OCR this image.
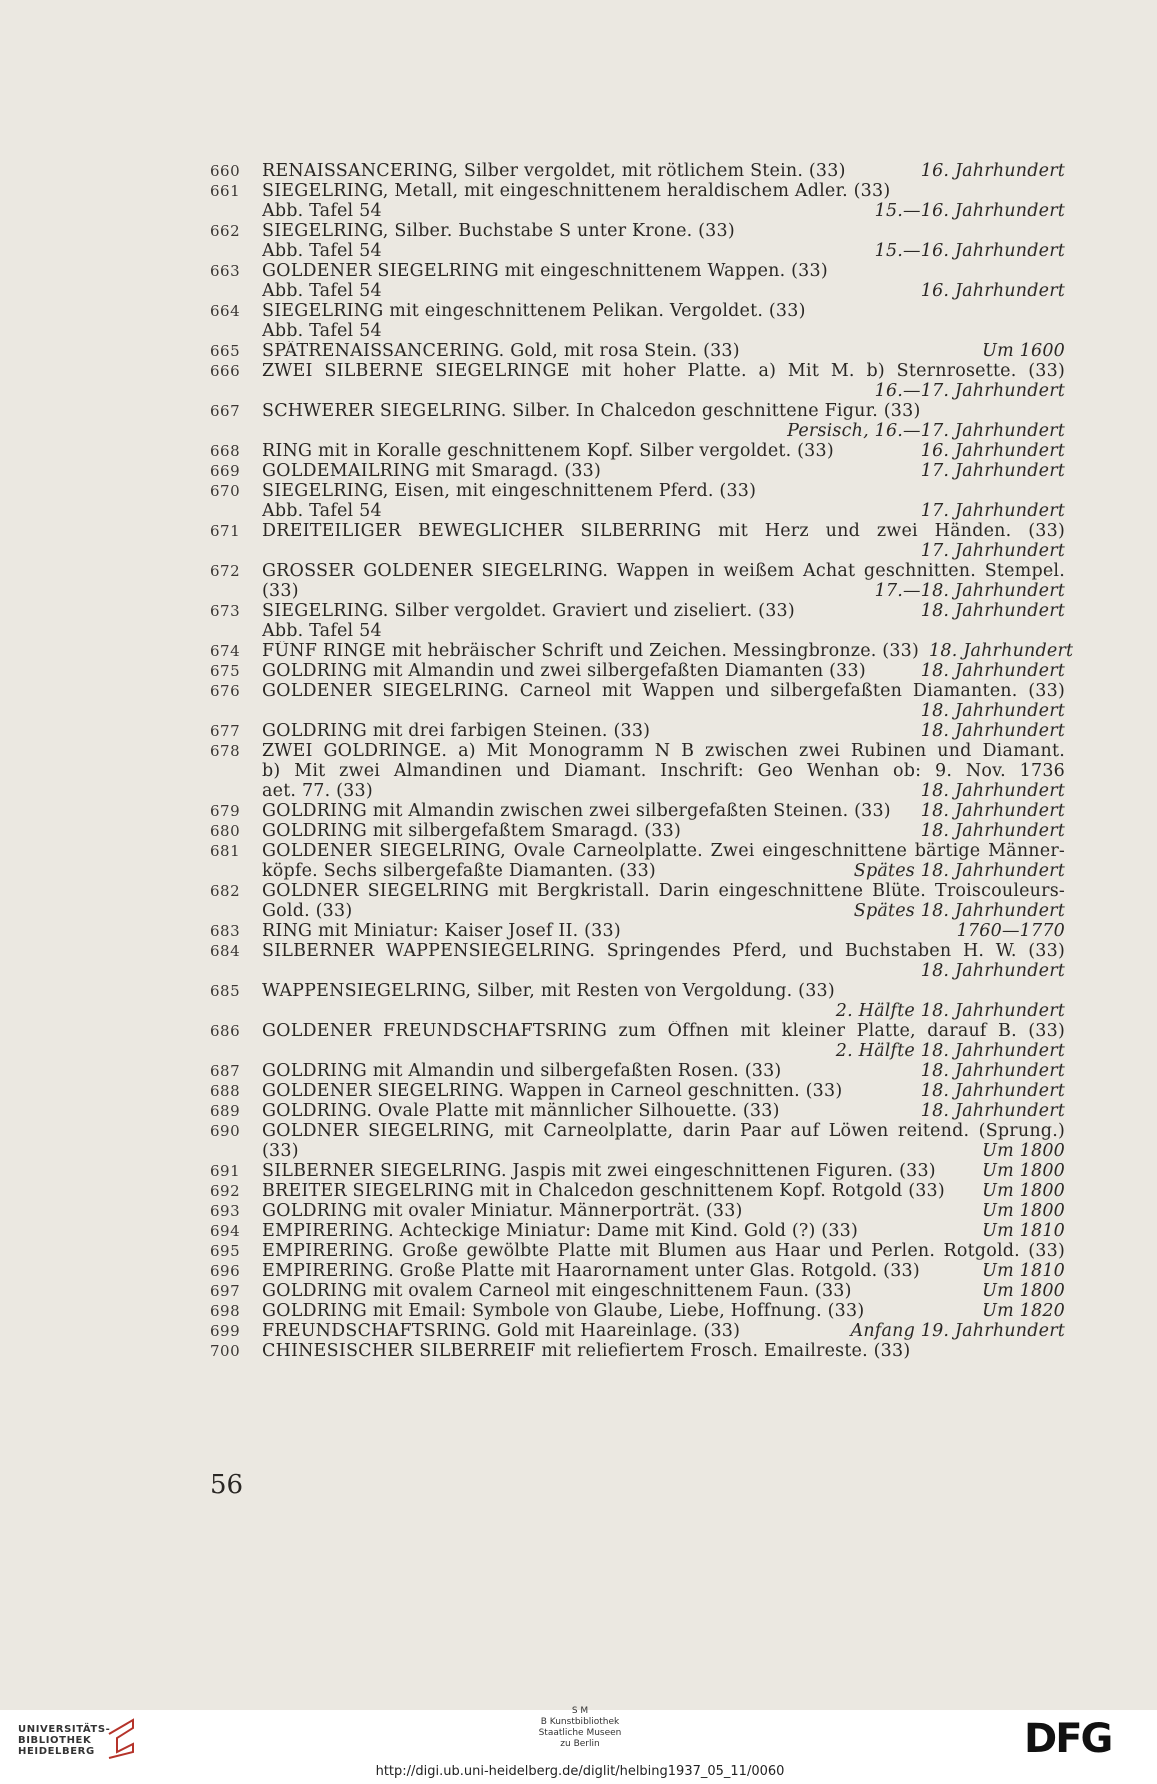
660	RENAISSANCERING, Silber vergoldet, mit rötlichem Stein. (33)	16. Jahrhundert
661	SIEGELRING, Metall, mit eingeschnittenem heraldischem Adler. (33)
Abb. Tafel 54	15.—16. Jahrhundert
662	SIEGELRING, Silber. Buchstabe S unter Krone. (33)
Abb. Tafel 54	15.—16. Jahrhundert
663	GOLDENER SIEGELRING mit eingeschnittenem Wappen. (33)
Abb. Tafel 54	16. Jahrhundert
664	SIEGELRING mit eingeschnittenem Pelikan. Vergoldet. (33)
Abb. Tafel 54
665	SPÄTRENAISSANCERING. Gold, mit rosa Stein. (33)	Um 1600
666	ZWEI SILBERNE SIEGELRINGE mit hoher Platte. a) Mit M. b) Sternrosette. (33)
16.—17. Jahrhundert
667	SCHWERER SIEGELRING. Silber. In Chalcedon geschnittene Figur. (33)
Persisch, 16.—17. Jahrhundert
668	RING mit in Koralle geschnittenem Kopf. Silber vergoldet. (33)	16. Jahrhundert
669	GOLDEMAILRING mit Smaragd. (33)	17. Jahrhundert
670	SIEGELRING, Eisen, mit eingeschnittenem Pferd. (33)
Abb. Tafel 54	17. Jahrhundert
671	DREITEILIGER BEWEGLICHER SILBERRING mit Herz und zwei Händen. (33)
17. Jahrhundert
672	GROSSER GOLDENER SIEGELRING. Wappen in weißem Achat geschnitten. Stempel.
(33)	17.—18. Jahrhundert
673	SIEGELRING. Silber vergoldet. Graviert und ziseliert. (33)	18. Jahrhundert
Abb. Tafel 54
674	FÜNF RINGE mit hebräischer Schrift und Zeichen. Messingbronze. (33) 18. Jahrhundert
675	GOLDRING mit Almandin und zwei silbergefaßten Diamanten (33)	18. Jahrhundert
676	GOLDENER SIEGELRING. Carneol mit Wappen und silbergefaßten Diamanten. (33)
18. Jahrhundert
677	GOLDRING mit drei farbigen Steinen. (33)	18. Jahrhundert
678	ZWEI GOLDRINGE. a) Mit Monogramm N B zwischen zwei Rubinen und Diamant.
b) Mit zwei Almandinen und Diamant. Inschrift: Geo Wenhan ob: 9. Nov. 1736
aet. 77. (33)	18. Jahrhundert
679	GOLDRING mit Almandin zwischen zwei silbergefaßten Steinen. (33)	18. Jahrhundert
680	GOLDRING mit silbergefaßtem Smaragd. (33)	18. Jahrhundert
681	GOLDENER SIEGELRING, Ovale Carneolplatte. Zwei eingeschnittene bärtige Männer-
köpfe. Sechs silbergefaßte Diamanten. (33)	Spätes 18. Jahrhundert
682	GOLDNER SIEGELRING mit Bergkristall. Darin eingeschnittene Blüte. Troiscouleurs-
Gold. (33)	Spätes 18. Jahrhundert
683	RING mit Miniatur: Kaiser Josef II. (33)	1760—1770
684	SILBERNER WAPPENSIEGELRING. Springendes Pferd, und Buchstaben H. W. (33)
18. Jahrhundert
685	WAPPENSIEGELRING, Silber, mit Resten von Vergoldung. (33)
2. Hälfte 18. Jahrhundert
686	GOLDENER FREUNDSCHAFTSRING zum Öffnen mit kleiner Platte, darauf B. (33)
2. Hälfte 18. Jahrhundert
687	GOLDRING mit Almandin und silbergefaßten Rosen. (33)	18. Jahrhundert
688	GOLDENER SIEGELRING. Wappen in Carneol geschnitten. (33)	18. Jahrhundert
689	GOLDRING. Ovale Platte mit männlicher Silhouette. (33)	18. Jahrhundert
690	GOLDNER SIEGELRING, mit Carneolplatte, darin Paar auf Löwen reitend. (Sprung.)
(33)	Um 1800
691	SILBERNER SIEGELRING. Jaspis mit zwei eingeschnittenen Figuren. (33)	Um 1800
692	BREITER SIEGELRING mit in Chalcedon geschnittenem Kopf. Rotgold (33)	Um 1800
693	GOLDRING mit ovaler Miniatur. Männerporträt. (33)	Um 1800
694	EMPIRERING. Achteckige Miniatur: Dame mit Kind. Gold (?) (33)	Um 1810
695	EMPIRERING. Große gewölbte Platte mit Blumen aus Haar und Perlen. Rotgold. (33)
696	EMPIRERING. Große Platte mit Haarornament unter Glas. Rotgold. (33)	Um 1810
697	GOLDRING mit ovalem Carneol mit eingeschnittenem Faun. (33)	Um 1800
698	GOLDRING mit Email: Symbole von Glaube, Liebe, Hoffnung. (33)	Um 1820
699	FREUNDSCHAFTSRING. Gold mit Haareinlage. (33)	Anfang 19. Jahrhundert
700	CHINESISCHER SILBERREIF mit reliefiertem Frosch. Emailreste. (33)
56
UNIVERSITÄTS-
BIBLIOTHEK
HEIDELBERG
S M
B Kunstbibliothek
Staatliche Museen
zu Berlin	DFG
http://digi.ub.uni-heidelberg.de/diglit/helbing1937_05_11/0060
